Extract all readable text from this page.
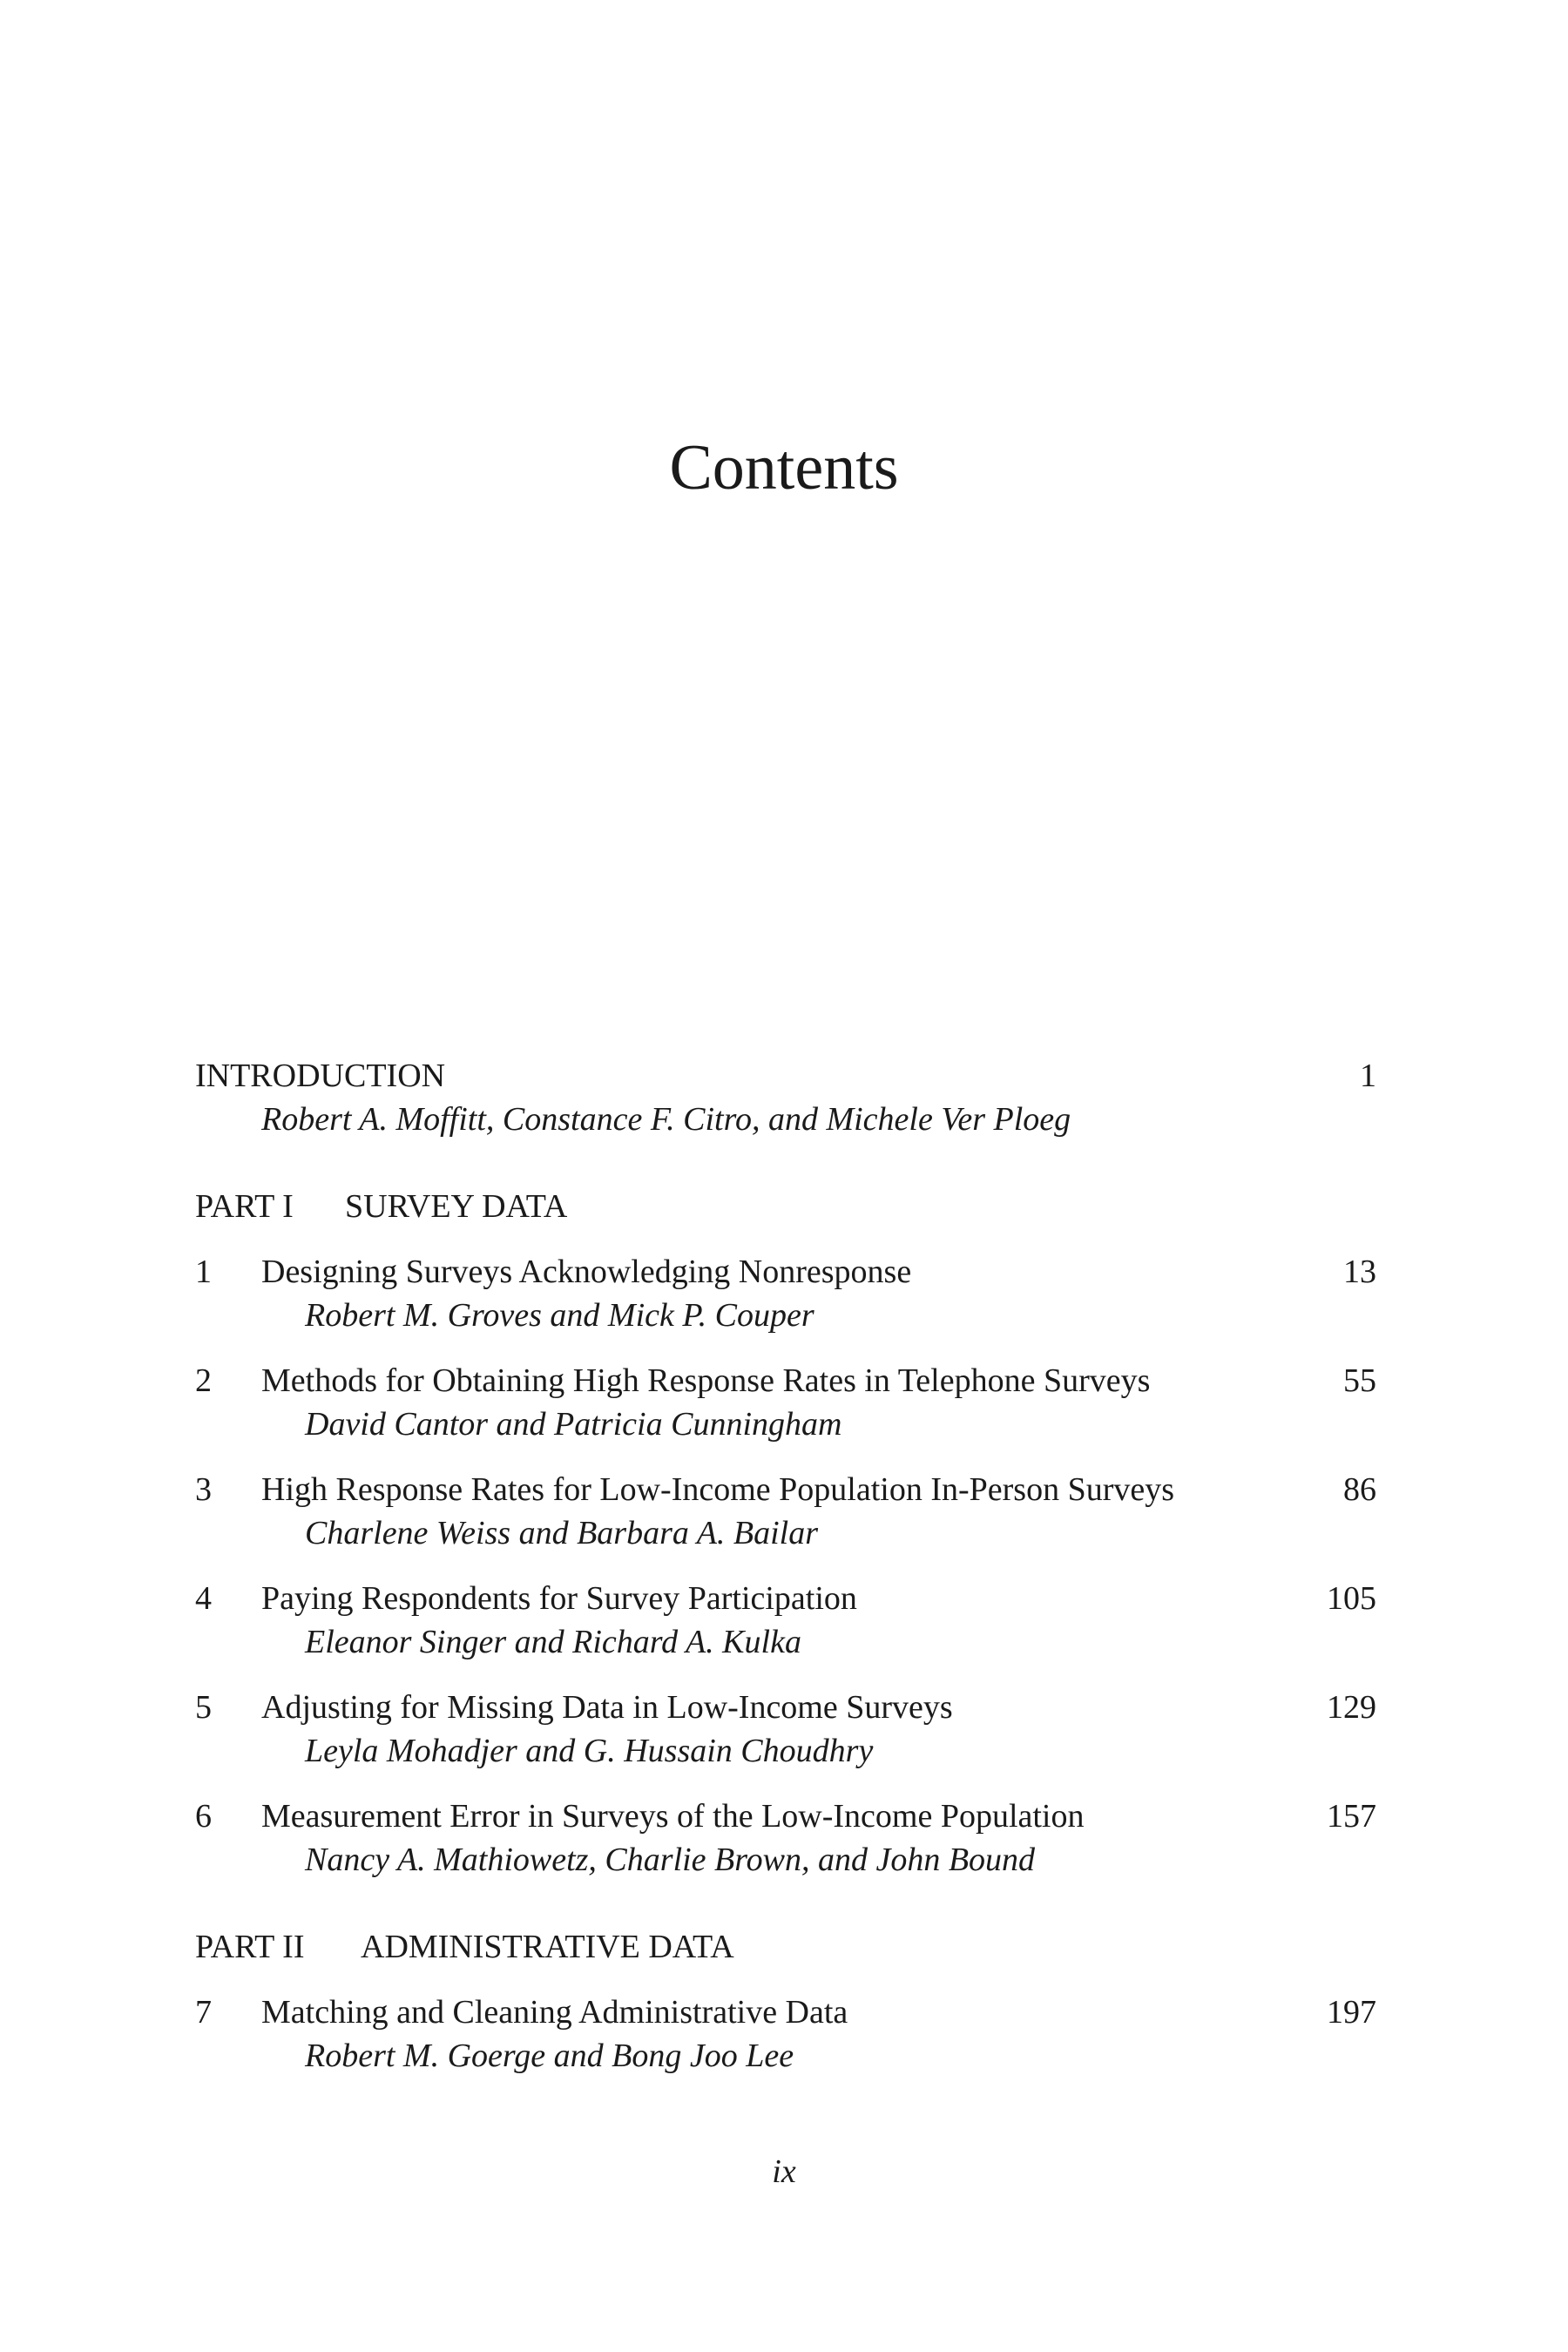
Contents
INTRODUCTION	1
Robert A. Moffitt, Constance F. Citro, and Michele Ver Ploeg
PART I SURVEY DATA
1 Designing Surveys Acknowledging Nonresponse	13
Robert M. Groves and Mick P. Couper
2 Methods for Obtaining High Response Rates in Telephone Surveys	55
David Cantor and Patricia Cunningham
3 High Response Rates for Low-Income Population In-Person Surveys	86
Charlene Weiss and Barbara A. Bailar
4 Paying Respondents for Survey Participation	105
Eleanor Singer and Richard A. Kulka
5 Adjusting for Missing Data in Low-Income Surveys	129
Leyla Mohadjer and G. Hussain Choudhry
6 Measurement Error in Surveys of the Low-Income Population	157
Nancy A. Mathiowetz, Charlie Brown, and John Bound
PART II ADMINISTRATIVE DATA
7 Matching and Cleaning Administrative Data	197
Robert M. Goerge and Bong Joo Lee
ix
